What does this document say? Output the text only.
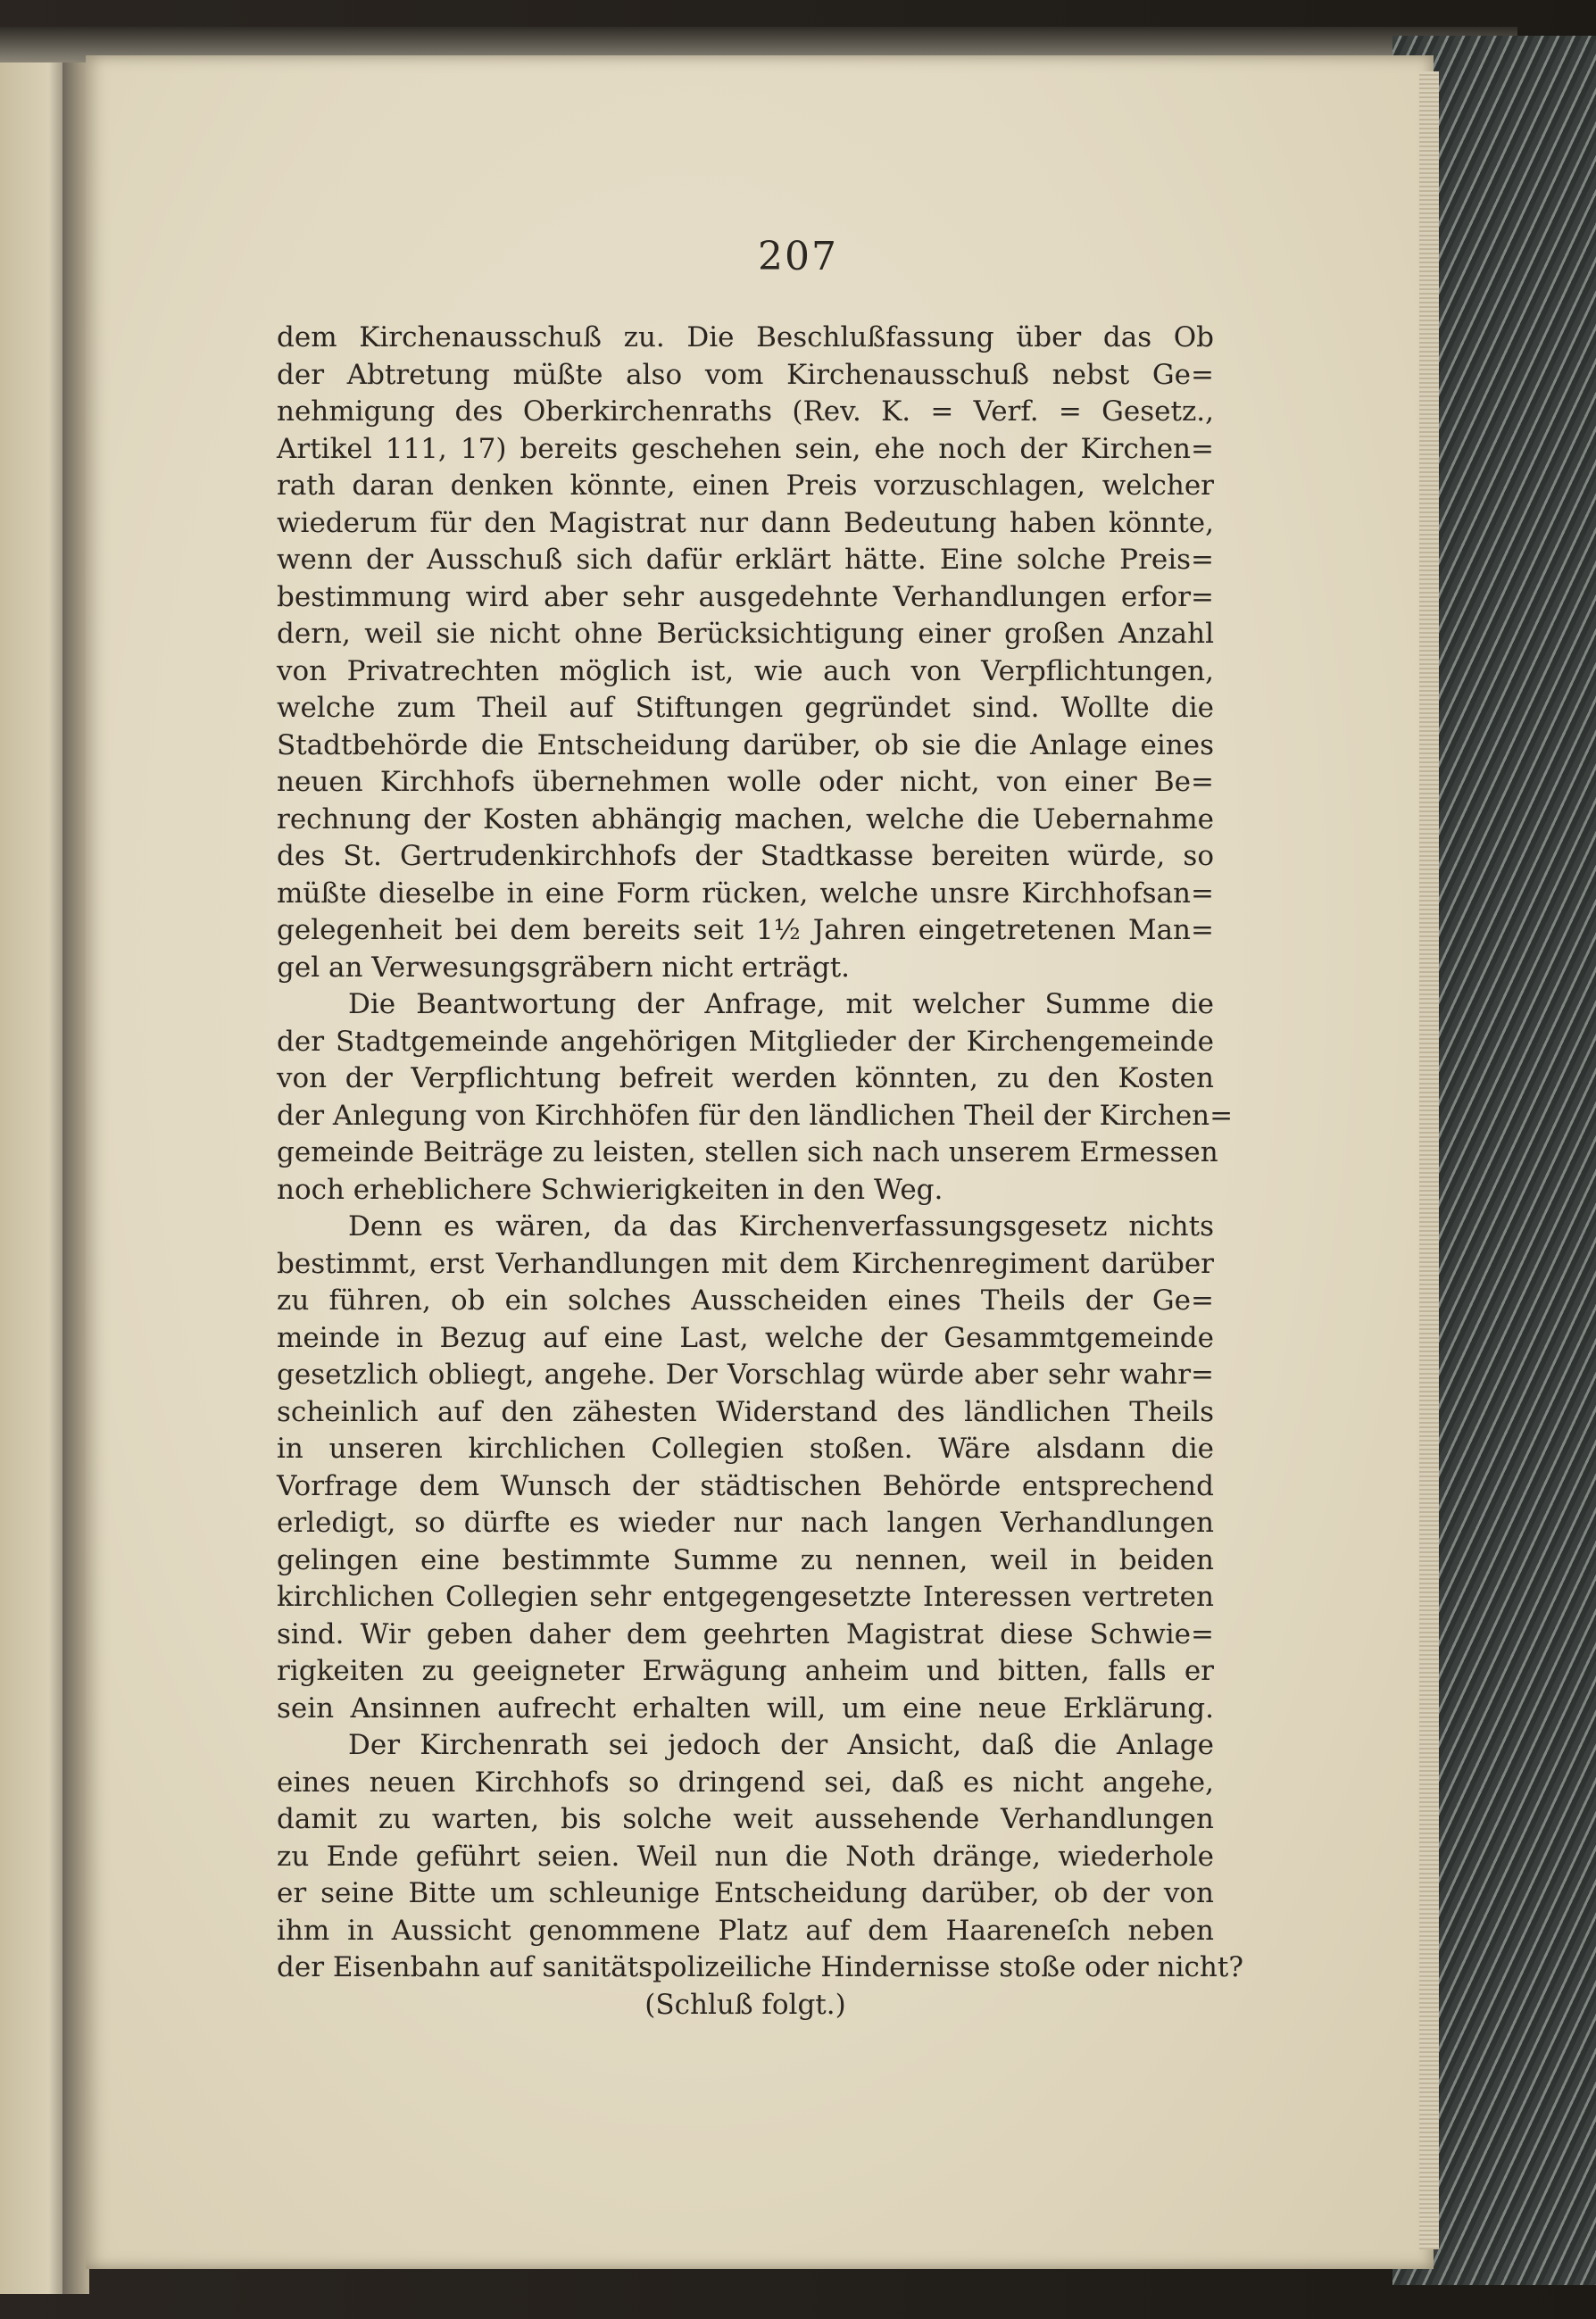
207

dem Kirchenausschuß zu. Die Beschlußfassung über das Ob
der Abtretung müßte also vom Kirchenausschuß nebst Ge=
nehmigung des Oberkirchenraths (Rev. K. = Verf. = Gesetz.,
Artikel 111, 17) bereits geschehen sein, ehe noch der Kirchen=
rath daran denken könnte, einen Preis vorzuschlagen, welcher
wiederum für den Magistrat nur dann Bedeutung haben könnte,
wenn der Ausschuß sich dafür erklärt hätte. Eine solche Preis=
bestimmung wird aber sehr ausgedehnte Verhandlungen erfor=
dern, weil sie nicht ohne Berücksichtigung einer großen Anzahl
von Privatrechten möglich ist, wie auch von Verpflichtungen,
welche zum Theil auf Stiftungen gegründet sind. Wollte die
Stadtbehörde die Entscheidung darüber, ob sie die Anlage eines
neuen Kirchhofs übernehmen wolle oder nicht, von einer Be=
rechnung der Kosten abhängig machen, welche die Uebernahme
des St. Gertrudenkirchhofs der Stadtkasse bereiten würde, so
müßte dieselbe in eine Form rücken, welche unsre Kirchhofsan=
gelegenheit bei dem bereits seit 1½ Jahren eingetretenen Man=
gel an Verwesungsgräbern nicht erträgt.
Die Beantwortung der Anfrage, mit welcher Summe die
der Stadtgemeinde angehörigen Mitglieder der Kirchengemeinde
von der Verpflichtung befreit werden könnten, zu den Kosten
der Anlegung von Kirchhöfen für den ländlichen Theil der Kirchen=
gemeinde Beiträge zu leisten, stellen sich nach unserem Ermessen
noch erheblichere Schwierigkeiten in den Weg.
Denn es wären, da das Kirchenverfassungsgesetz nichts
bestimmt, erst Verhandlungen mit dem Kirchenregiment darüber
zu führen, ob ein solches Ausscheiden eines Theils der Ge=
meinde in Bezug auf eine Last, welche der Gesammtgemeinde
gesetzlich obliegt, angehe. Der Vorschlag würde aber sehr wahr=
scheinlich auf den zähesten Widerstand des ländlichen Theils
in unseren kirchlichen Collegien stoßen. Wäre alsdann die
Vorfrage dem Wunsch der städtischen Behörde entsprechend
erledigt, so dürfte es wieder nur nach langen Verhandlungen
gelingen eine bestimmte Summe zu nennen, weil in beiden
kirchlichen Collegien sehr entgegengesetzte Interessen vertreten
sind. Wir geben daher dem geehrten Magistrat diese Schwie=
rigkeiten zu geeigneter Erwägung anheim und bitten, falls er
sein Ansinnen aufrecht erhalten will, um eine neue Erklärung.
Der Kirchenrath sei jedoch der Ansicht, daß die Anlage
eines neuen Kirchhofs so dringend sei, daß es nicht angehe,
damit zu warten, bis solche weit aussehende Verhandlungen
zu Ende geführt seien. Weil nun die Noth dränge, wiederhole
er seine Bitte um schleunige Entscheidung darüber, ob der von
ihm in Aussicht genommene Platz auf dem Haareneſch neben
der Eisenbahn auf sanitätspolizeiliche Hindernisse stoße oder nicht?
(Schluß folgt.)
